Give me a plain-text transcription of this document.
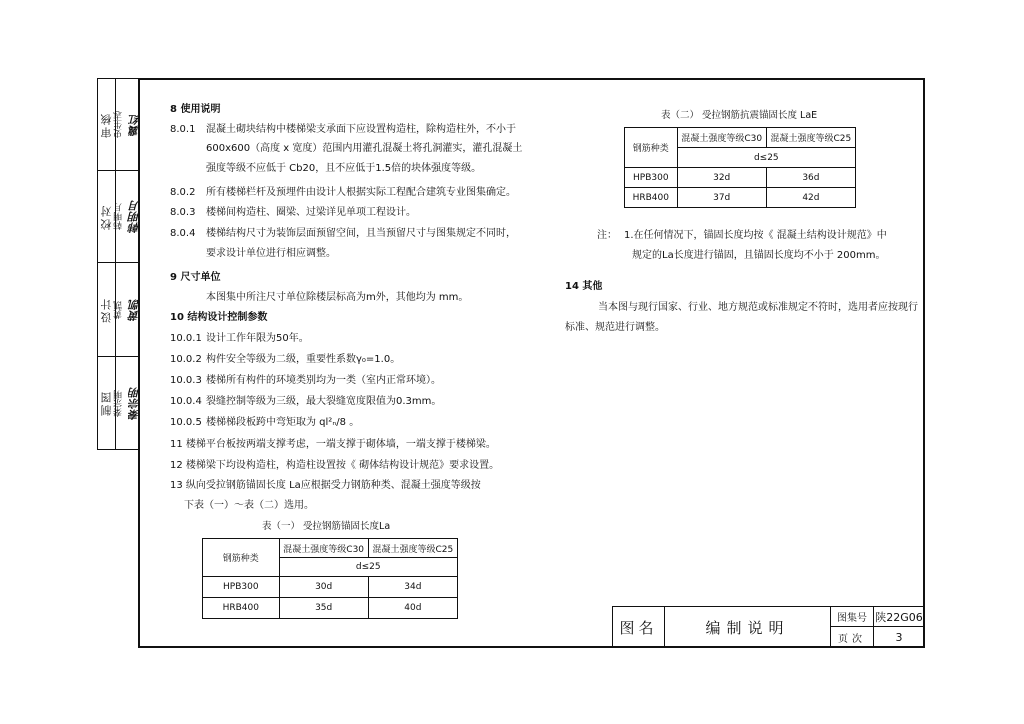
审核 史生志 冀红
校对 韩明月 韩明月
设计 黄凯 黄凯
制图 秦宗明 秦宗明
8 使用说明
8.0.1 混凝土砌块结构中楼梯梁支承面下应设置构造柱，除构造柱外，不小于
600x600（高度 x 宽度）范围内用灌孔混凝土将孔洞灌实，灌孔混凝土
强度等级不应低于 Cb20，且不应低于1.5倍的块体强度等级。
8.0.2 所有楼梯栏杆及预埋件由设计人根据实际工程配合建筑专业图集确定。
8.0.3 楼梯间构造柱、圈梁、过梁详见单项工程设计。
8.0.4 楼梯结构尺寸为装饰层面预留空间，且当预留尺寸与图集规定不同时，
要求设计单位进行相应调整。
9 尺寸单位
本图集中所注尺寸单位除楼层标高为m外，其他均为 mm。
10 结构设计控制参数
10.0.1 设计工作年限为50年。
10.0.2 构件安全等级为二级，重要性系数γ₀=1.0。
10.0.3 楼梯所有构件的环境类别均为一类（室内正常环境）。
10.0.4 裂缝控制等级为三级，最大裂缝宽度限值为0.3mm。
10.0.5 楼梯梯段板跨中弯矩取为 ql²ₙ/8 。
11 楼梯平台板按两端支撑考虑，一端支撑于砌体墙，一端支撑于楼梯梁。
12 楼梯梁下均设构造柱，构造柱设置按《 砌体结构设计规范》要求设置。
13 纵向受拉钢筋锚固长度 La应根据受力钢筋种类、混凝土强度等级按
下表（一）～表（二）选用。
表（一） 受拉钢筋锚固长度La
钢筋种类	混凝土强度等级C30	混凝土强度等级C25
	d≤25	
HPB300	30d	34d
HRB400	35d	40d
表（二） 受拉钢筋抗震锚固长度 LaE
钢筋种类	混凝土强度等级C30	混凝土强度等级C25
	d≤25	
HPB300	32d	36d
HRB400	37d	42d
注： 1.在任何情况下，锚固长度均按《 混凝土结构设计规范》中
规定的La长度进行锚固，且锚固长度均不小于 200mm。
14 其他
当本图与现行国家、行业、地方规范或标准规定不符时，选用者应按现行
标准、规范进行调整。
图名	编制说明
图集号 陕22G06
页次	3
